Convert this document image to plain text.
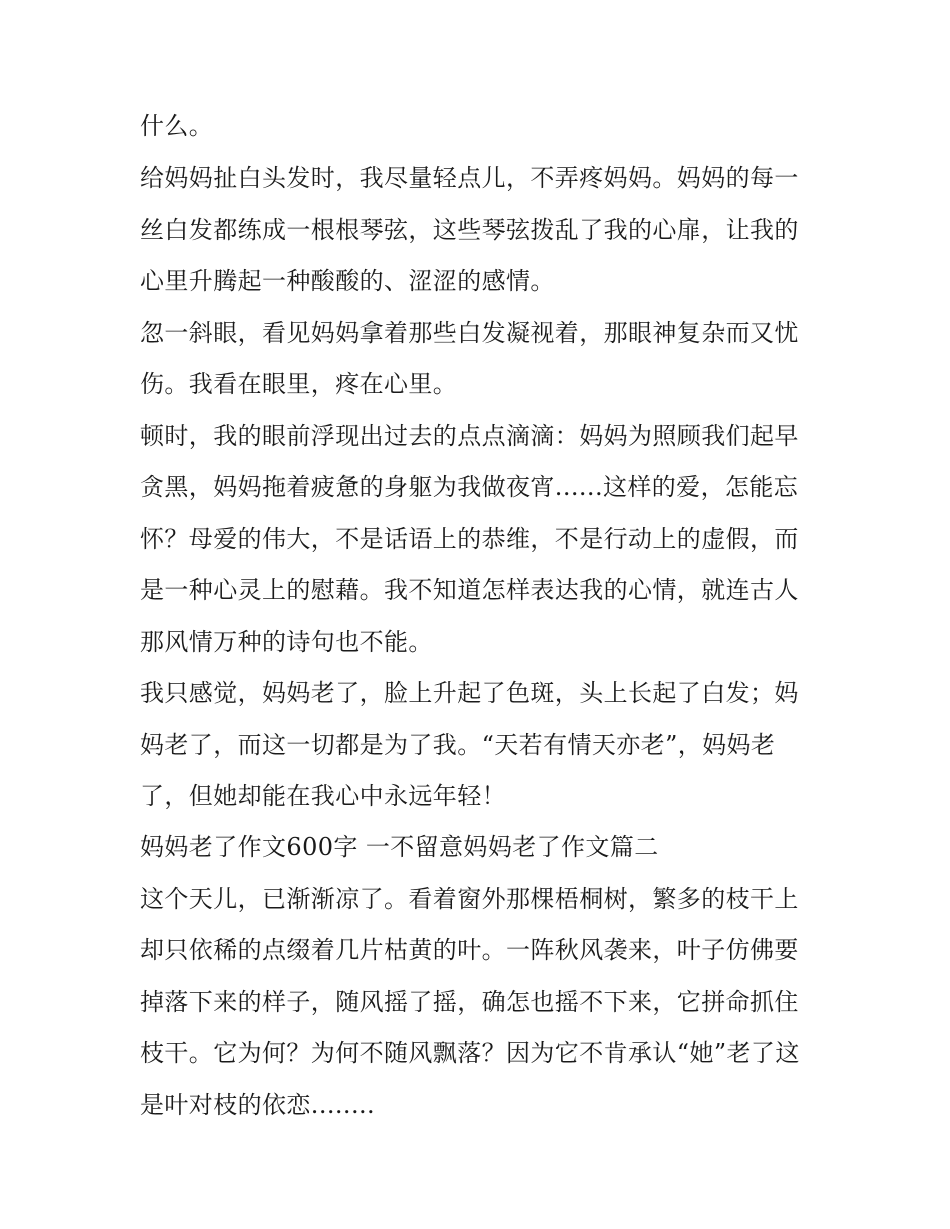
什么。
给妈妈扯白头发时，我尽量轻点儿，不弄疼妈妈。妈妈的每一
丝白发都练成一根根琴弦，这些琴弦拨乱了我的心扉，让我的
心里升腾起一种酸酸的、涩涩的感情。
忽一斜眼，看见妈妈拿着那些白发凝视着，那眼神复杂而又忧
伤。我看在眼里，疼在心里。
顿时，我的眼前浮现出过去的点点滴滴：妈妈为照顾我们起早
贪黑，妈妈拖着疲惫的身躯为我做夜宵......这样的爱，怎能忘
怀？母爱的伟大，不是话语上的恭维，不是行动上的虚假，而
是一种心灵上的慰藉。我不知道怎样表达我的心情，就连古人
那风情万种的诗句也不能。
我只感觉，妈妈老了，脸上升起了色斑，头上长起了白发；妈
妈老了，而这一切都是为了我。“天若有情天亦老”，妈妈老
了，但她却能在我心中永远年轻！
妈妈老了作文600字 一不留意妈妈老了作文篇二
这个天儿，已渐渐凉了。看着窗外那棵梧桐树，繁多的枝干上
却只依稀的点缀着几片枯黄的叶。一阵秋风袭来，叶子仿佛要
掉落下来的样子，随风摇了摇，确怎也摇不下来，它拼命抓住
枝干。它为何？为何不随风飘落？因为它不肯承认“她”老了这
是叶对枝的依恋........
